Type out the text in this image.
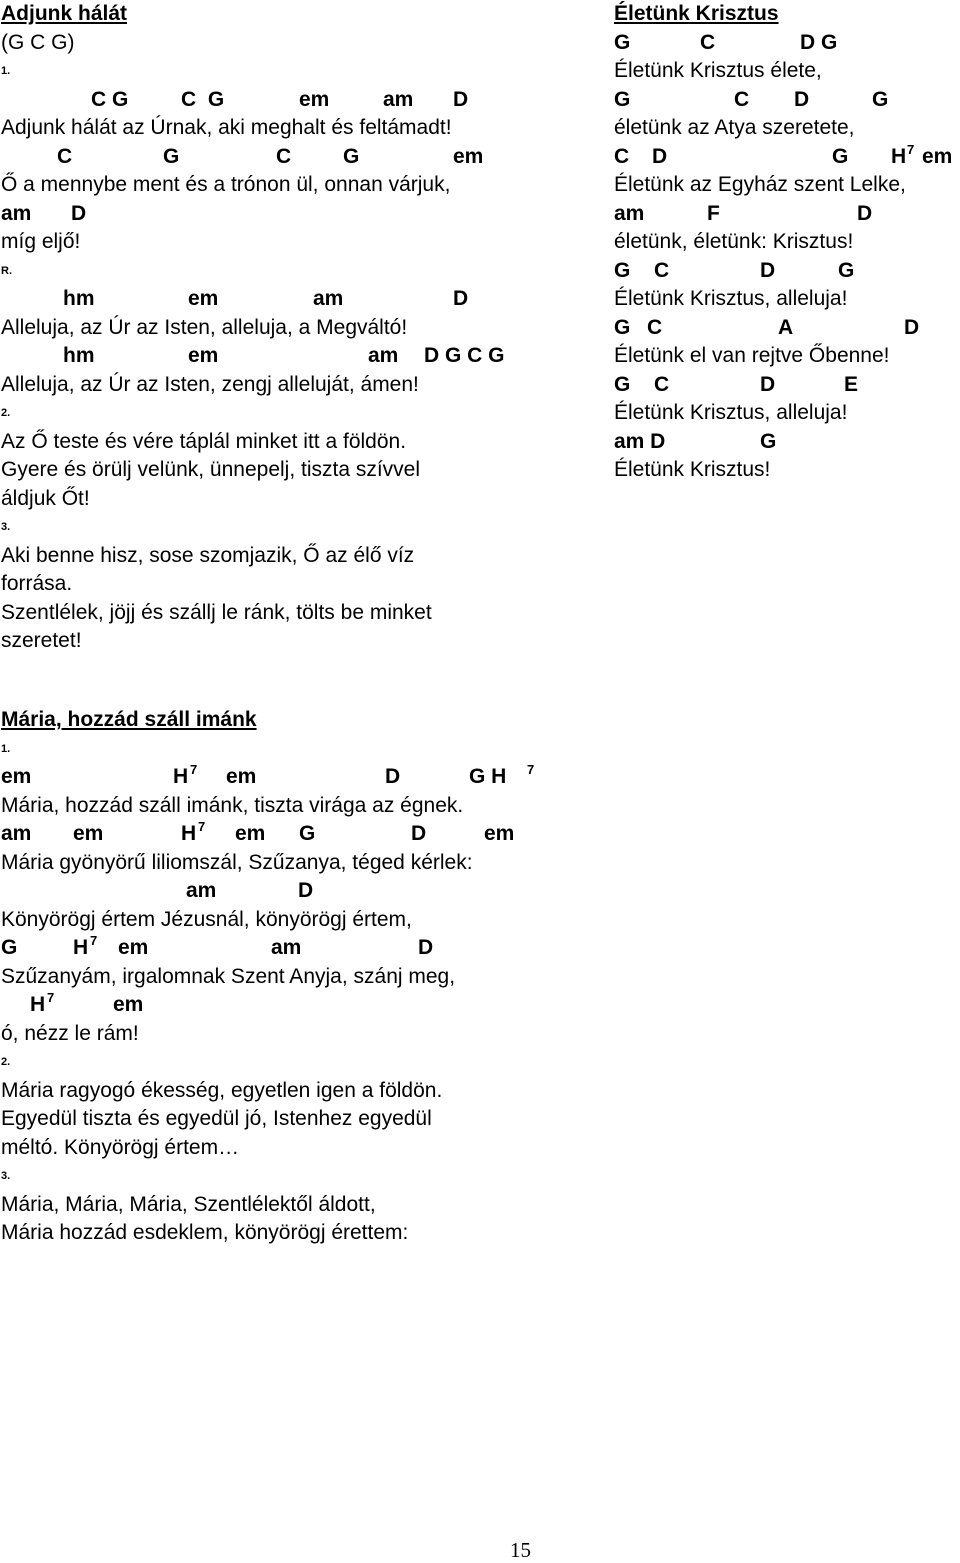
Adjunk hálát
(G C G)
1.

C G

	C  G

	em

	am

D

Adjunk hálát az Úrnak, aki meghalt és feltámadt!

C

	G

	C

G

	em

Ő a mennybe ment és a trónon ül, onnan várjuk,

am

D

míg eljő!
R.

hm

	em

	am

	D

Alleluja, az Úr az Isten, alleluja, a Megváltó!

hm

	em

	am

D G C G

Alleluja, az Úr az Isten, zengj alleluját, ámen!
2.
Az Ő teste és vére táplál minket itt a földön.
Gyere és örülj velünk, ünnepelj, tiszta szívvel
áldjuk Őt!
3.
Aki benne hisz, sose szomjazik, Ő az élő víz
forrása.
Szentlélek, jöjj és szállj le ránk, tölts be minket
szeretet!
Életünk Krisztus

G

	C

	D G

Életünk Krisztus élete,

G

	C

D

	G

életünk az Atya szeretete,

C

D

	G

H

7

em

Életünk az Egyház szent Lelke,

am

	F

	D

életünk, életünk: Krisztus!

G

C

	D

	G

Életünk Krisztus, alleluja!

G

C

	A

	D

Életünk el van rejtve Őbenne!

G

C

	D

	E

Életünk Krisztus, alleluja!

am D

	G

Életünk Krisztus!
Mária, hozzád száll imánk
1.

em

	H

7

em

	D

	G H

7

Mária, hozzád száll imánk, tiszta virága az égnek.

am

em

	H

7

em

G

	D

	em

Mária gyönyörű liliomszál, Szűzanya, téged kérlek:

am

	D

Könyörögj értem Jézusnál, könyörögj értem,

G

	H

7

em

	am

	D

Szűzanyám, irgalomnak Szent Anyja, szánj meg,

H

7

	em

ó, nézz le rám!
2.
Mária ragyogó ékesség, egyetlen igen a földön.
Egyedül tiszta és egyedül jó, Istenhez egyedül
méltó. Könyörögj értem…
3.
Mária, Mária, Mária, Szentlélektől áldott,
Mária hozzád esdeklem, könyörögj érettem:
15
